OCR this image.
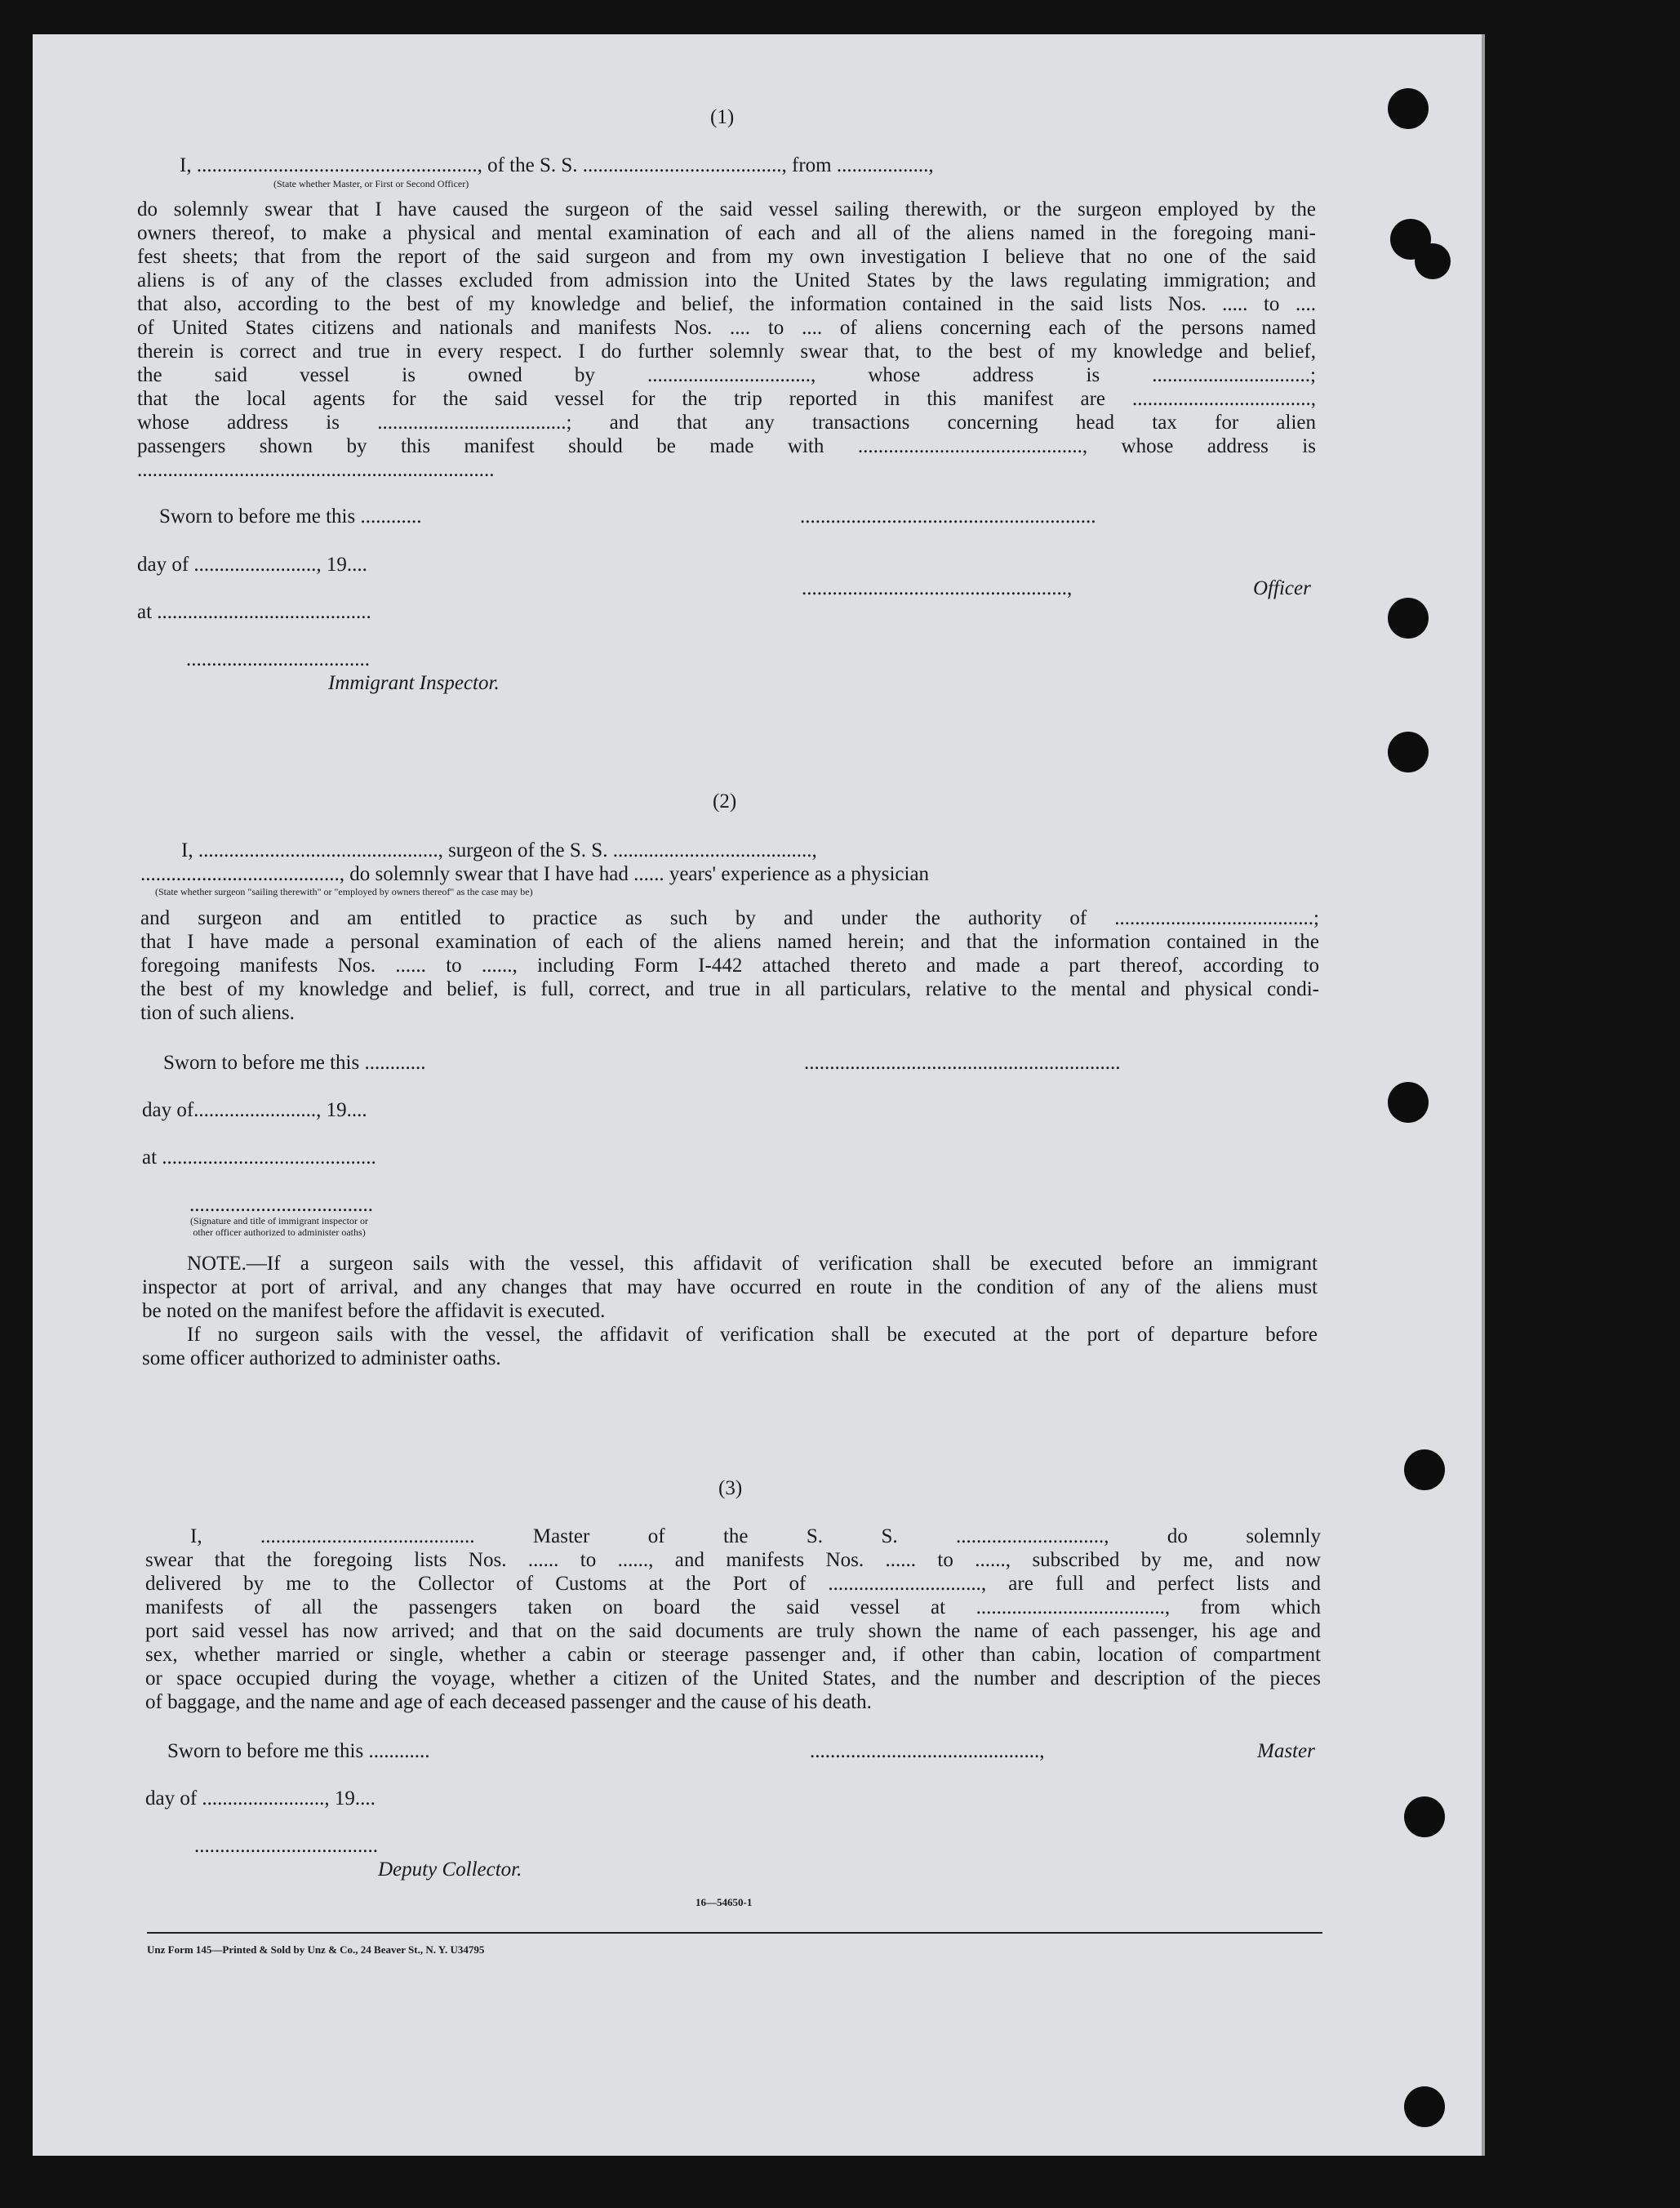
(1)
I, ......................................................., of the S. S. ......................................., from ..................,
(State whether Master, or First or Second Officer)
do solemnly swear that I have caused the surgeon of the said vessel sailing therewith, or the surgeon employed by the
owners thereof, to make a physical and mental examination of each and all of the aliens named in the foregoing mani-
fest sheets; that from the report of the said surgeon and from my own investigation I believe that no one of the said
aliens is of any of the classes excluded from admission into the United States by the laws regulating immigration; and
that also, according to the best of my knowledge and belief, the information contained in the said lists Nos. ..... to ....
of United States citizens and nationals and manifests Nos. .... to .... of aliens concerning each of the persons named
therein is correct and true in every respect. I do further solemnly swear that, to the best of my knowledge and belief,
the said vessel is owned by ................................, whose address is ...............................;
that the local agents for the said vessel for the trip reported in this manifest are ...................................,
whose address is .....................................; and that any transactions concerning head tax for alien
passengers shown by this manifest should be made with ............................................, whose address is
......................................................................
Sworn to before me this ............	..........................................................
day of ........................, 19....
....................................................,	Officer
at ..........................................
....................................
Immigrant Inspector.
(2)
I, ..............................................., surgeon of the S. S. .......................................,
......................................., do solemnly swear that I have had ...... years' experience as a physician
(State whether surgeon "sailing therewith" or "employed by owners thereof" as the case may be)
and surgeon and am entitled to practice as such by and under the authority of .......................................;
that I have made a personal examination of each of the aliens named herein; and that the information contained in the
foregoing manifests Nos. ...... to ......, including Form I-442 attached thereto and made a part thereof, according to
the best of my knowledge and belief, is full, correct, and true in all particulars, relative to the mental and physical condi-
tion of such aliens.
Sworn to before me this ............	..............................................................
day of........................, 19....
at ..........................................
....................................
(Signature and title of immigrant inspector or other officer authorized to administer oaths)
NOTE.—If a surgeon sails with the vessel, this affidavit of verification shall be executed before an immigrant
inspector at port of arrival, and any changes that may have occurred en route in the condition of any of the aliens must
be noted on the manifest before the affidavit is executed.
If no surgeon sails with the vessel, the affidavit of verification shall be executed at the port of departure before
some officer authorized to administer oaths.
(3)
I, .......................................... Master of the S. S. ............................., do solemnly
swear that the foregoing lists Nos. ...... to ......, and manifests Nos. ...... to ......, subscribed by me, and now
delivered by me to the Collector of Customs at the Port of .............................., are full and perfect lists and
manifests of all the passengers taken on board the said vessel at ....................................., from which
port said vessel has now arrived; and that on the said documents are truly shown the name of each passenger, his age and
sex, whether married or single, whether a cabin or steerage passenger and, if other than cabin, location of compartment
or space occupied during the voyage, whether a citizen of the United States, and the number and description of the pieces
of baggage, and the name and age of each deceased passenger and the cause of his death.
Sworn to before me this ............	.............................................,	Master
day of ........................, 19....
....................................
Deputy Collector.
16—54650-1
Unz Form 145—Printed & Sold by Unz & Co., 24 Beaver St., N. Y. U34795
